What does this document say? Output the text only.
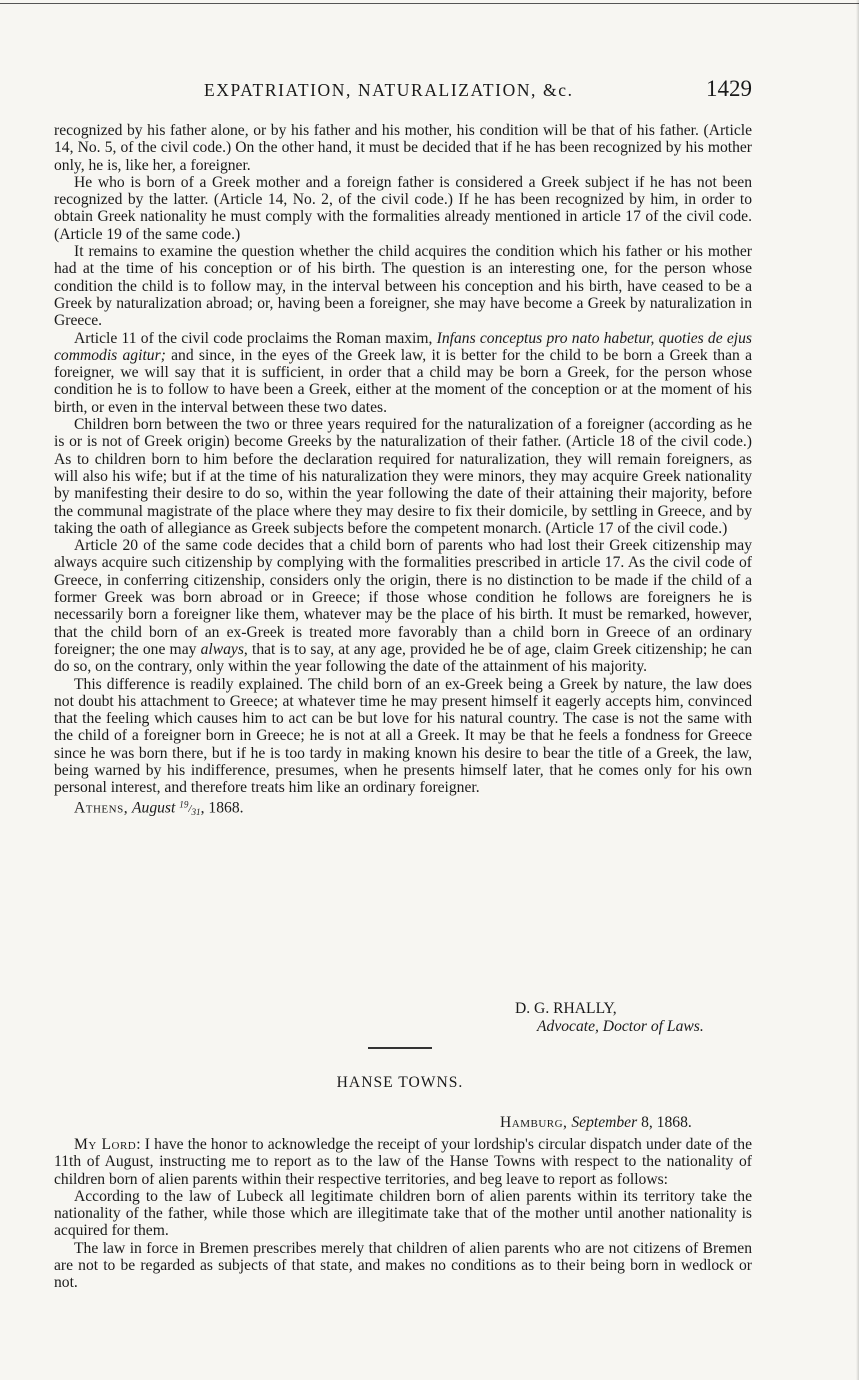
EXPATRIATION, NATURALIZATION, &c.	1429

recognized by his father alone, or by his father and his mother, his condition will be that of his father. (Article 14, No. 5, of the civil code.) On the other hand, it must be decided that if he has been recognized by his mother only, he is, like her, a foreigner.

He who is born of a Greek mother and a foreign father is considered a Greek subject if he has not been recognized by the latter. (Article 14, No. 2, of the civil code.) If he has been recognized by him, in order to obtain Greek nationality he must comply with the formalities already mentioned in article 17 of the civil code. (Article 19 of the same code.)

It remains to examine the question whether the child acquires the condition which his father or his mother had at the time of his conception or of his birth. The question is an interesting one, for the person whose condition the child is to follow may, in the interval between his conception and his birth, have ceased to be a Greek by naturalization abroad; or, having been a foreigner, she may have become a Greek by naturalization in Greece.

Article 11 of the civil code proclaims the Roman maxim, Infans conceptus pro nato habetur, quoties de ejus commodis agitur; and since, in the eyes of the Greek law, it is better for the child to be born a Greek than a foreigner, we will say that it is sufficient, in order that a child may be born a Greek, for the person whose condition he is to follow to have been a Greek, either at the moment of the conception or at the moment of his birth, or even in the interval between these two dates.

Children born between the two or three years required for the naturalization of a foreigner (according as he is or is not of Greek origin) become Greeks by the naturalization of their father. (Article 18 of the civil code.) As to children born to him before the declaration required for naturalization, they will remain foreigners, as will also his wife; but if at the time of his naturalization they were minors, they may acquire Greek nationality by manifesting their desire to do so, within the year following the date of their attaining their majority, before the communal magistrate of the place where they may desire to fix their domicile, by settling in Greece, and by taking the oath of allegiance as Greek subjects before the competent monarch. (Article 17 of the civil code.)

Article 20 of the same code decides that a child born of parents who had lost their Greek citizenship may always acquire such citizenship by complying with the formalities prescribed in article 17. As the civil code of Greece, in conferring citizenship, considers only the origin, there is no distinction to be made if the child of a former Greek was born abroad or in Greece; if those whose condition he follows are foreigners he is necessarily born a foreigner like them, whatever may be the place of his birth. It must be remarked, however, that the child born of an ex-Greek is treated more favorably than a child born in Greece of an ordinary foreigner; the one may always, that is to say, at any age, provided he be of age, claim Greek citizenship; he can do so, on the contrary, only within the year following the date of the attainment of his majority.

This difference is readily explained. The child born of an ex-Greek being a Greek by nature, the law does not doubt his attachment to Greece; at whatever time he may present himself it eagerly accepts him, convinced that the feeling which causes him to act can be but love for his natural country. The case is not the same with the child of a foreigner born in Greece; he is not at all a Greek. It may be that he feels a fondness for Greece since he was born there, but if he is too tardy in making known his desire to bear the title of a Greek, the law, being warned by his indifference, presumes, when he presents himself later, that he comes only for his own personal interest, and therefore treats him like an ordinary foreigner.

Athens, August $^{19}/_{31}$, 1868.

D. G. RHALLY,
Advocate, Doctor of Laws.
HANSE TOWNS.
Hamburg, September 8, 1868.

My Lord: I have the honor to acknowledge the receipt of your lordship's circular dispatch under date of the 11th of August, instructing me to report as to the law of the Hanse Towns with respect to the nationality of children born of alien parents within their respective territories, and beg leave to report as follows:

According to the law of Lubeck all legitimate children born of alien parents within its territory take the nationality of the father, while those which are illegitimate take that of the mother until another nationality is acquired for them.

The law in force in Bremen prescribes merely that children of alien parents who are not citizens of Bremen are not to be regarded as subjects of that state, and makes no conditions as to their being born in wedlock or not.
